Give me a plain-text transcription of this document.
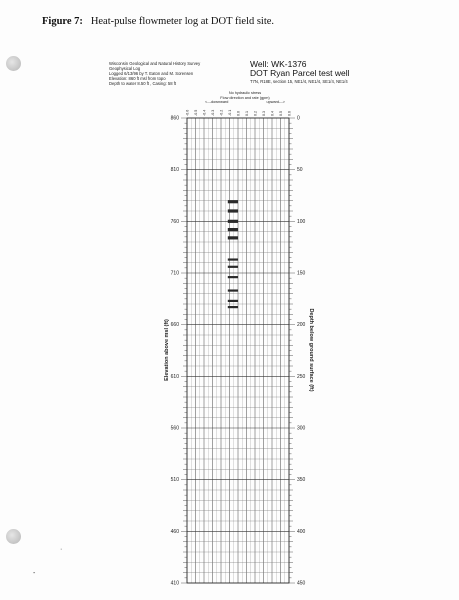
Figure 7: Heat-pulse flowmeter log at DOT field site.
Wisconsin Geological and Natural History Survey
Geophysical Log
Logged 6/13/96 by T. Eaton and M. Sorensen
Elevation: 860 ft msl from topo
Depth to water 8.50 ft , Casing: 58 ft
Well: WK-1376
DOT Ryan Parcel test well
T7N, R18E, section 15, NE1/4, NE1/4, SE1/4, NE1/4
No hydraulic stress
Flow direction and rate (gpm)
<---downward	upward--->
-0.6 -0.5 -0.4 -0.3 -0.2 -0.1 0.0 0.1 0.2 0.3 0.4 0.5 0.6
860
810
760
710
660
610
560
510
460
410
0
50
100
150
200
250
300
350
400
450
Elevation above msl (ft)	Depth below ground surface (ft)
·
-
